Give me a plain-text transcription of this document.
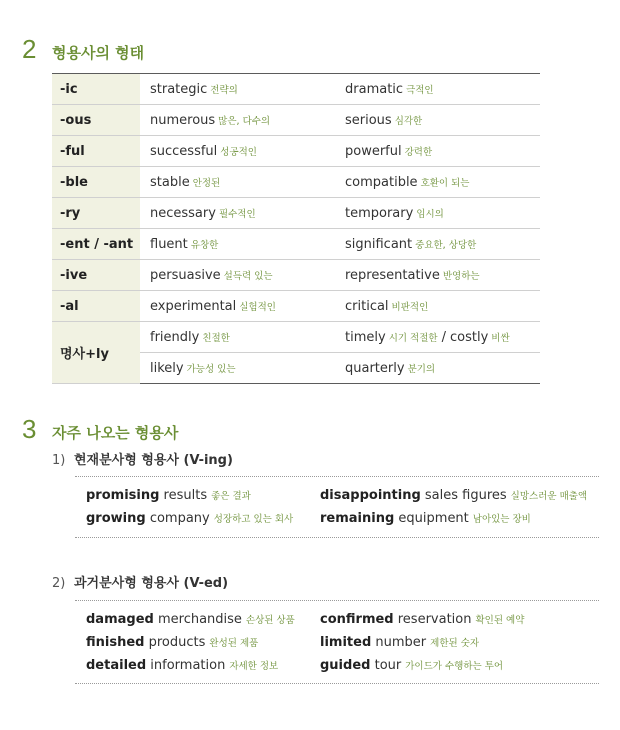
2	형용사의 형태
-ic	strategic 전략의	dramatic 극적인
-ous	numerous 많은, 다수의	serious 심각한
-ful	successful 성공적인	powerful 강력한
-ble	stable 안정된	compatible 호환이 되는
-ry	necessary 필수적인	temporary 임시의
-ent / -ant	fluent 유창한	significant 중요한, 상당한
-ive	persuasive 설득력 있는	representative 반영하는
-al	experimental 실험적인	critical 비판적인
명사+ly	friendly 친절한	timely 시기 적절한 / costly 비싼
	likely 가능성 있는	quarterly 분기의
3	자주 나오는 형용사
1) 현재분사형 형용사 (V-ing)
promising results 좋은 결과	disappointing sales figures 실망스러운 매출액
growing company 성장하고 있는 회사 remaining equipment 남아있는 장비
2) 과거분사형 형용사 (V-ed)
damaged merchandise 손상된 상품 confirmed reservation 확인된 예약
finished products 완성된 제품	limited number 제한된 숫자
detailed information 자세한 정보	guided tour 가이드가 수행하는 투어
